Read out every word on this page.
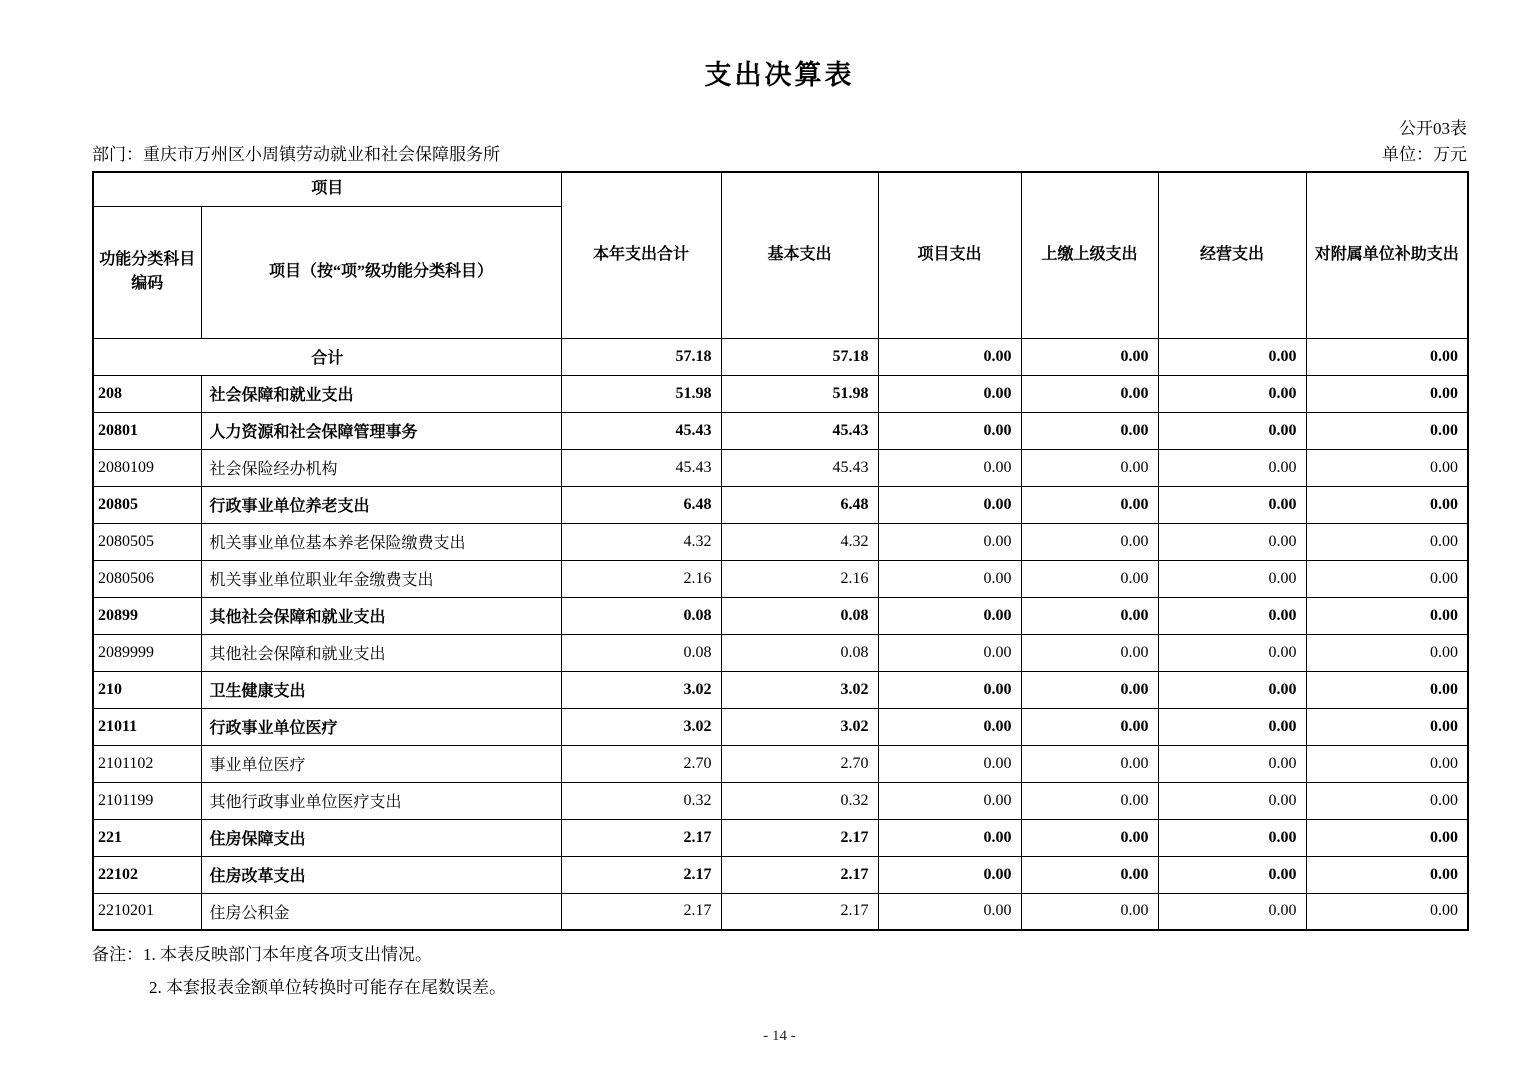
支出决算表
公开03表
部门：重庆市万州区小周镇劳动就业和社会保障服务所	单位：万元
项目		本年支出合计	基本支出	项目支出	上缴上级支出	经营支出	对附属单位补助支出
功能分类科目编码	项目（按“项”级功能分类科目）						
合计		57.18	57.18	0.00	0.00	0.00	0.00
208	社会保障和就业支出	51.98	51.98	0.00	0.00	0.00	0.00
20801	人力资源和社会保障管理事务	45.43	45.43	0.00	0.00	0.00	0.00
2080109	社会保险经办机构	45.43	45.43	0.00	0.00	0.00	0.00
20805	行政事业单位养老支出	6.48	6.48	0.00	0.00	0.00	0.00
2080505	机关事业单位基本养老保险缴费支出	4.32	4.32	0.00	0.00	0.00	0.00
2080506	机关事业单位职业年金缴费支出	2.16	2.16	0.00	0.00	0.00	0.00
20899	其他社会保障和就业支出	0.08	0.08	0.00	0.00	0.00	0.00
2089999	其他社会保障和就业支出	0.08	0.08	0.00	0.00	0.00	0.00
210	卫生健康支出	3.02	3.02	0.00	0.00	0.00	0.00
21011	行政事业单位医疗	3.02	3.02	0.00	0.00	0.00	0.00
2101102	事业单位医疗	2.70	2.70	0.00	0.00	0.00	0.00
2101199	其他行政事业单位医疗支出	0.32	0.32	0.00	0.00	0.00	0.00
221	住房保障支出	2.17	2.17	0.00	0.00	0.00	0.00
22102	住房改革支出	2.17	2.17	0.00	0.00	0.00	0.00
2210201	住房公积金	2.17	2.17	0.00	0.00	0.00	0.00
备注：1. 本表反映部门本年度各项支出情况。
2. 本套报表金额单位转换时可能存在尾数误差。
- 14 -
